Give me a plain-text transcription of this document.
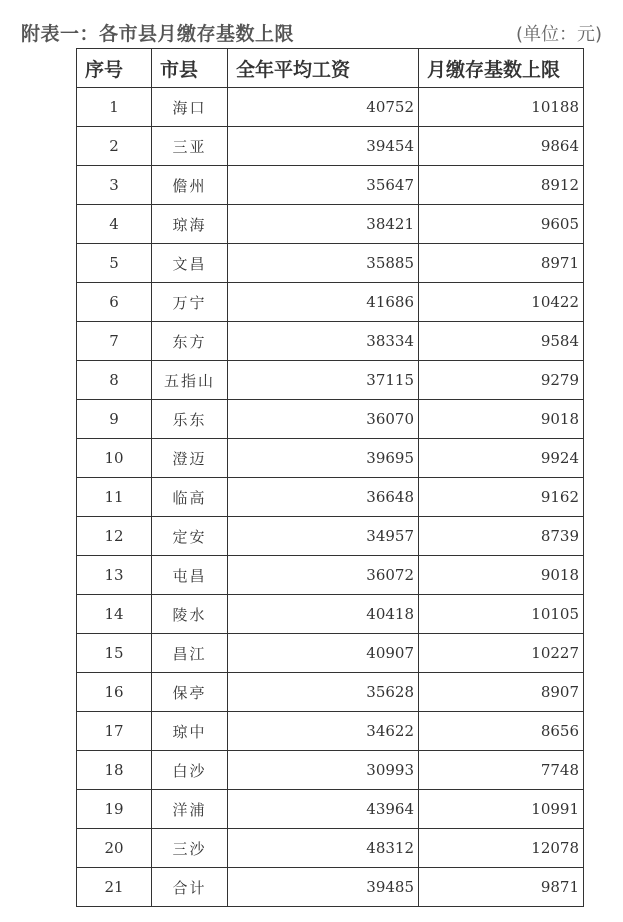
附表一：各市县月缴存基数上限	(单位：元)
序号	市县	全年平均工资	月缴存基数上限
1	海口	40752	10188
2	三亚	39454	9864
3	儋州	35647	8912
4	琼海	38421	9605
5	文昌	35885	8971
6	万宁	41686	10422
7	东方	38334	9584
8	五指山	37115	9279
9	乐东	36070	9018
10	澄迈	39695	9924
11	临高	36648	9162
12	定安	34957	8739
13	屯昌	36072	9018
14	陵水	40418	10105
15	昌江	40907	10227
16	保亭	35628	8907
17	琼中	34622	8656
18	白沙	30993	7748
19	洋浦	43964	10991
20	三沙	48312	12078
21	合计	39485	9871
